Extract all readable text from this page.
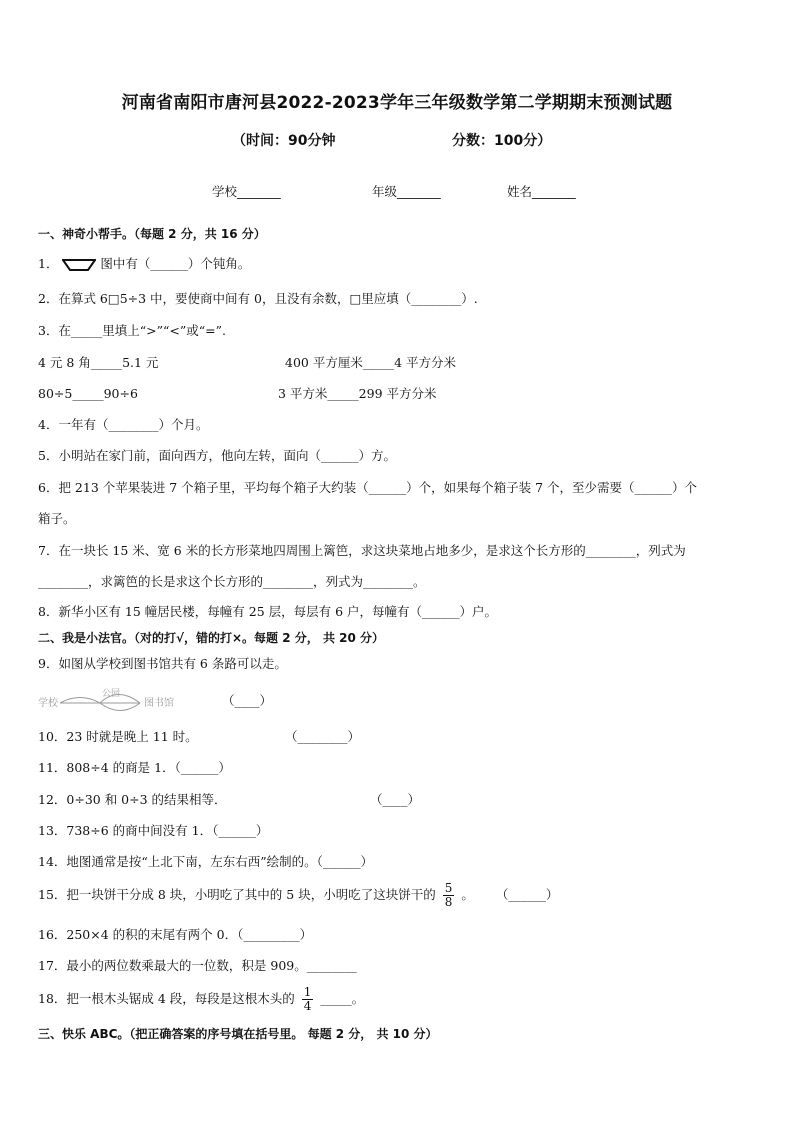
河南省南阳市唐河县2022-2023学年三年级数学第二学期期末预测试题
（时间：90分钟	分数：100分）
学校_______	年级_______	姓名_______
一、神奇小帮手。（每题 2 分，共 16 分）
1．	图中有（______）个钝角。
2．在算式 6□5÷3 中，要使商中间有 0，且没有余数，□里应填（________）.
3．在_____里填上“>”“<”或“=”.
4 元 8 角_____5.1 元	400 平方厘米_____4 平方分米
80÷5_____90÷6	3 平方米_____299 平方分米
4．一年有（________）个月。
5．小明站在家门前，面向西方，他向左转，面向（______）方。
6．把 213 个苹果装进 7 个箱子里，平均每个箱子大约装（______）个，如果每个箱子装 7 个，至少需要（______）个
箱子。
7．在一块长 15 米、宽 6 米的长方形菜地四周围上篱笆，求这块菜地占地多少，是求这个长方形的________，列式为
________，求篱笆的长是求这个长方形的________，列式为________。
8．新华小区有 15 幢居民楼，每幢有 25 层，每层有 6 户，每幢有（______）户。
二、我是小法官。（对的打√，错的打×。每题 2 分， 共 20 分）
9．如图从学校到图书馆共有 6 条路可以走。
学校
公园
图书馆	（____）
10．23 时就是晚上 11 时。	（________）
11．808÷4 的商是 1．（______）
12．0÷30 和 0÷3 的结果相等．	（____）
13．738÷6 的商中间没有 1．（______）
14．地图通常是按“上北下南，左东右西”绘制的。（______）
15．把一块饼干分成 8 块，小明吃了其中的 5 块，小明吃了这块饼干的 $\frac{5}{8}$ 。 （______）
16．250×4 的积的末尾有两个 0．（_________）
17．最小的两位数乘最大的一位数，积是 909。________
18．把一根木头锯成 4 段，每段是这根木头的 $\frac{1}{4}$ _____。
三、快乐 ABC。（把正确答案的序号填在括号里。 每题 2 分， 共 10 分）
